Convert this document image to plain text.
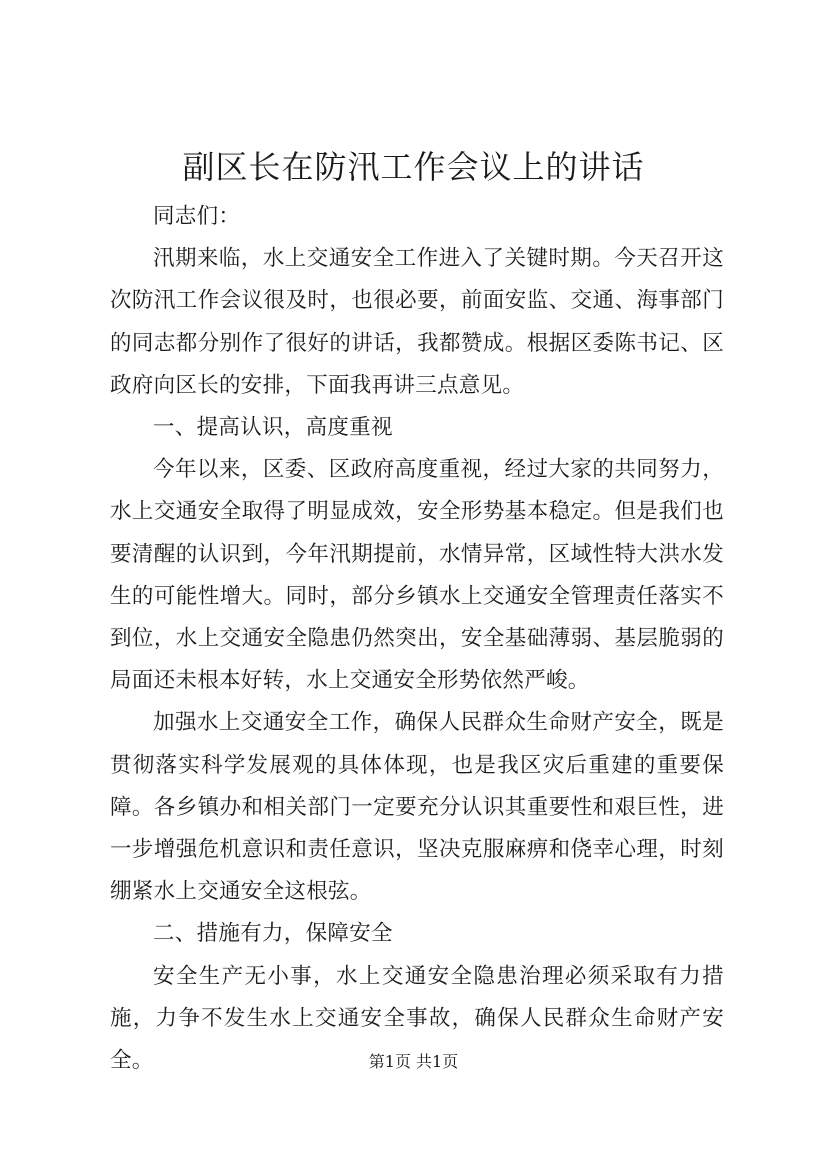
副区长在防汛工作会议上的讲话

同志们：

汛期来临，水上交通安全工作进入了关键时期。今天召开这次防汛工作会议很及时，也很必要，前面安监、交通、海事部门的同志都分别作了很好的讲话，我都赞成。根据区委陈书记、区政府向区长的安排，下面我再讲三点意见。

一、提高认识，高度重视

今年以来，区委、区政府高度重视，经过大家的共同努力，水上交通安全取得了明显成效，安全形势基本稳定。但是我们也要清醒的认识到，今年汛期提前，水情异常，区域性特大洪水发生的可能性增大。同时，部分乡镇水上交通安全管理责任落实不到位，水上交通安全隐患仍然突出，安全基础薄弱、基层脆弱的局面还未根本好转，水上交通安全形势依然严峻。

加强水上交通安全工作，确保人民群众生命财产安全，既是贯彻落实科学发展观的具体体现，也是我区灾后重建的重要保障。各乡镇办和相关部门一定要充分认识其重要性和艰巨性，进一步增强危机意识和责任意识，坚决克服麻痹和侥幸心理，时刻绷紧水上交通安全这根弦。

二、措施有力，保障安全

安全生产无小事，水上交通安全隐患治理必须采取有力措施，力争不发生水上交通安全事故，确保人民群众生命财产安全。	第1页 共1页
